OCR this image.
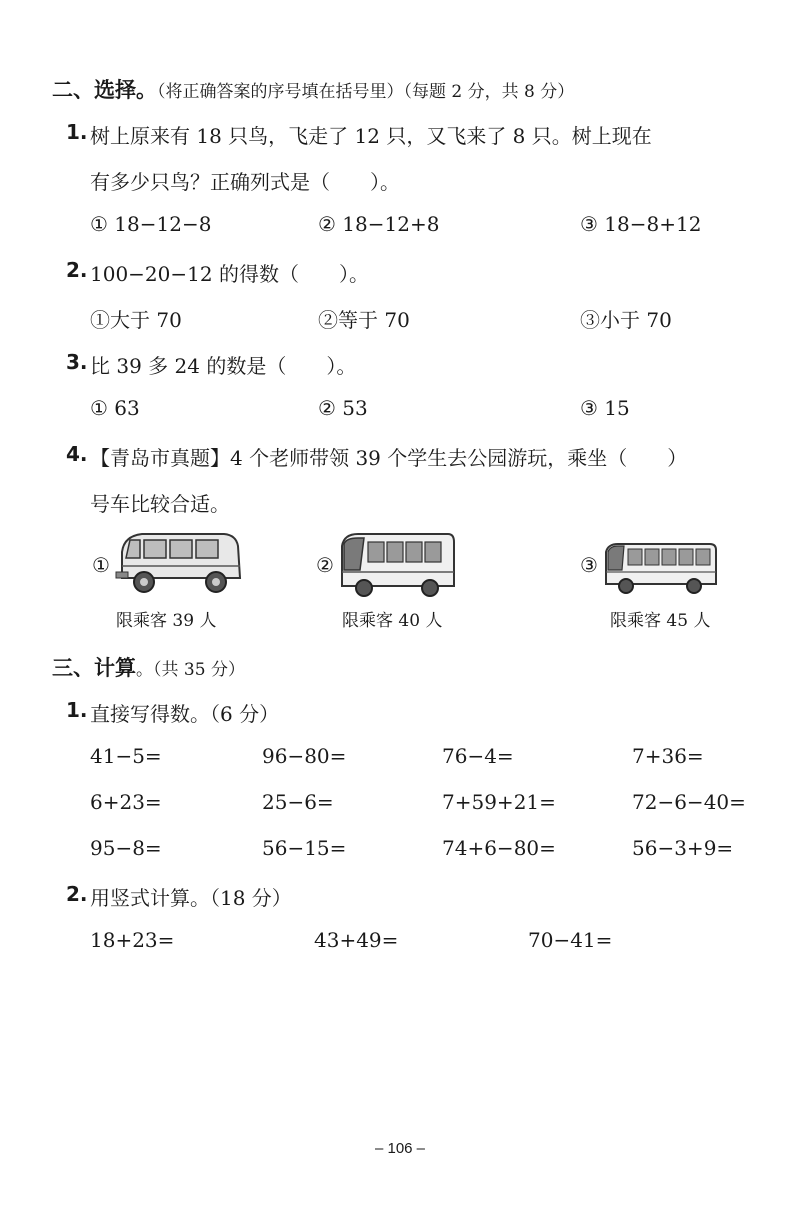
二、选择。（将正确答案的序号填在括号里）（每题 2 分，共 8 分）
1. 树上原来有 18 只鸟，飞走了 12 只，又飞来了 8 只。树上现在
有多少只鸟？正确列式是（　　）。
① 18−12−8	② 18−12+8	③ 18−8+12
2. 100−20−12 的得数（　　）。
①大于 70	②等于 70	③小于 70
3. 比 39 多 24 的数是（　　）。
① 63	② 53	③ 15
4. 【青岛市真题】4 个老师带领 39 个学生去公园游玩，乘坐（　　）
号车比较合适。
①
限乘客 39 人
②
限乘客 40 人
③
限乘客 45 人
三、计算。（共 35 分）
1. 直接写得数。（6 分）
41−5=	96−80=	76−4=	7+36=
6+23=	25−6=	7+59+21=	72−6−40=
95−8=	56−15=	74+6−80=	56−3+9=
2. 用竖式计算。（18 分）
18+23=	43+49=	70−41=
– 106 –
